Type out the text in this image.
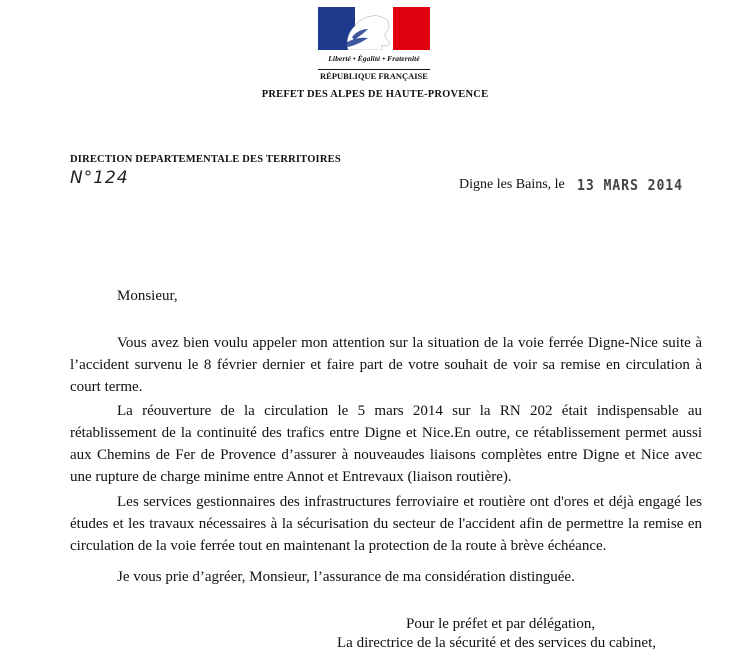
Liberté • Égalité • Fraternité
RÉPUBLIQUE FRANÇAISE
PREFET DES ALPES DE HAUTE-PROVENCE
DIRECTION DEPARTEMENTALE DES TERRITOIRES
N°124	Digne les Bains, le 13 MARS 2014
Monsieur,

Vous avez bien voulu appeler mon attention sur la situation de la voie ferrée Digne-Nice suite à l’accident survenu le 8 février dernier et faire part de votre souhait de voir sa remise en circulation à court terme.

La réouverture de la circulation le 5 mars 2014 sur la RN 202 était indispensable au rétablissement de la continuité des trafics entre Digne et Nice.En outre, ce rétablissement permet aussi aux Chemins de Fer de Provence d’assurer à nouveaudes liaisons complètes entre Digne et Nice avec une rupture de charge minime entre Annot et Entrevaux (liaison routière).

Les services gestionnaires des infrastructures ferroviaire et routière ont d'ores et déjà engagé les études et les travaux nécessaires à la sécurisation du secteur de l'accident afin de permettre la remise en circulation de la voie ferrée tout en maintenant la protection de la route à brève échéance.

Je vous prie d’agréer, Monsieur, l’assurance de ma considération distinguée.

Pour le préfet et par délégation,
La directrice de la sécurité et des services du cabinet,
